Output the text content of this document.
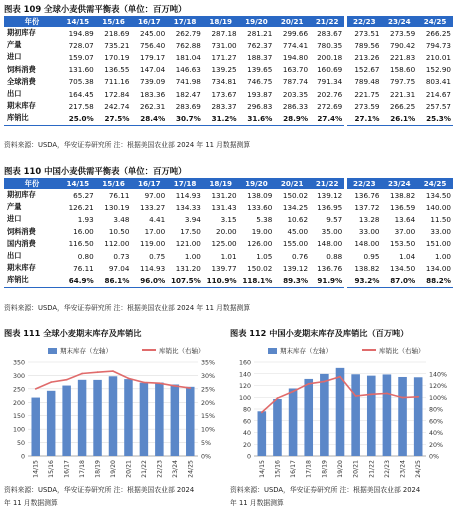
图表 109 全球小麦供需平衡表（单位：百万吨）
年份	14/15	15/16	16/17	17/18	18/19	19/20	20/21	21/22	22/23	23/24	24/25
期初库存	194.89	218.69	245.00	262.79	287.18	281.21	299.66	283.67	273.51	273.59	266.25
产量	728.07	735.21	756.40	762.88	731.00	762.37	774.41	780.35	789.56	790.42	794.73
进口	159.07	170.19	179.17	181.04	171.27	188.37	194.80	200.18	213.26	221.83	210.01
饲料消费	131.60	136.55	147.04	146.63	139.25	139.65	163.70	160.69	152.67	158.60	152.90
全球消费	705.38	711.16	739.09	741.98	734.81	746.75	787.74	791.34	789.48	797.75	803.41
出口	164.45	172.84	183.36	182.47	173.67	193.87	203.35	202.76	221.75	221.31	214.67
期末库存	217.58	242.74	262.31	283.69	283.37	296.83	286.33	272.69	273.59	266.25	257.57
库销比	25.0%	27.5%	28.4%	30.7%	31.2%	31.6%	28.9%	27.4%	27.1%	26.1%	25.3%
资料来源：USDA，华安证券研究所 注：根据美国农业部 2024 年 11 月数据测算
图表 110 中国小麦供需平衡表（单位：百万吨）
年份	14/15	15/16	16/17	17/18	18/19	19/20	20/21	21/22	22/23	23/24	24/25
期初库存	65.27	76.11	97.00	114.93	131.20	138.09	150.02	139.12	136.76	138.82	134.50
产量	126.21	130.19	133.27	134.33	131.43	133.60	134.25	136.95	137.72	136.59	140.00
进口	1.93	3.48	4.41	3.94	3.15	5.38	10.62	9.57	13.28	13.64	11.50
饲料消费	16.00	10.50	17.00	17.50	20.00	19.00	45.00	35.00	33.00	37.00	33.00
国内消费	116.50	112.00	119.00	121.00	125.00	126.00	155.00	148.00	148.00	153.50	151.00
出口	0.80	0.73	0.75	1.00	1.01	1.05	0.76	0.88	0.95	1.04	1.00
期末库存	76.11	97.04	114.93	131.20	139.77	150.02	139.12	136.76	138.82	134.50	134.00
库销比	64.9%	86.1%	96.0%	107.5%	110.9%	118.1%	89.3%	91.9%	93.2%	87.0%	88.2%
资料来源：USDA，华安证券研究所 注：根据美国农业部 2024 年 11 月数据测算
图表 111 全球小麦期末库存及库销比
期末库存（左轴）	库销比（右轴）
0	0%
50	5%
100	10%
150	15%
200	20%
250	25%
300	30%
350	35%
14/15 15/16 16/17 17/18 18/19 19/20 20/21 21/22 22/23 23/24 24/25
资料来源：USDA，华安证券研究所 注：根据美国农业部 2024
年 11 月数据测算
图表 112 中国小麦期末库存及库销比（百万吨）
期末库存（左轴）	库销比（右轴）
0	0%
20	20%
40	40%
60	60%
80	80%
100	100%
120	120%
140	140%
160
14/15 15/16 16/17 17/18 18/19 19/20 20/21 21/22 22/23 23/24 24/25
资料来源：USDA，华安证券研究所 注：根据美国农业部 2024
年 11 月数据测算
